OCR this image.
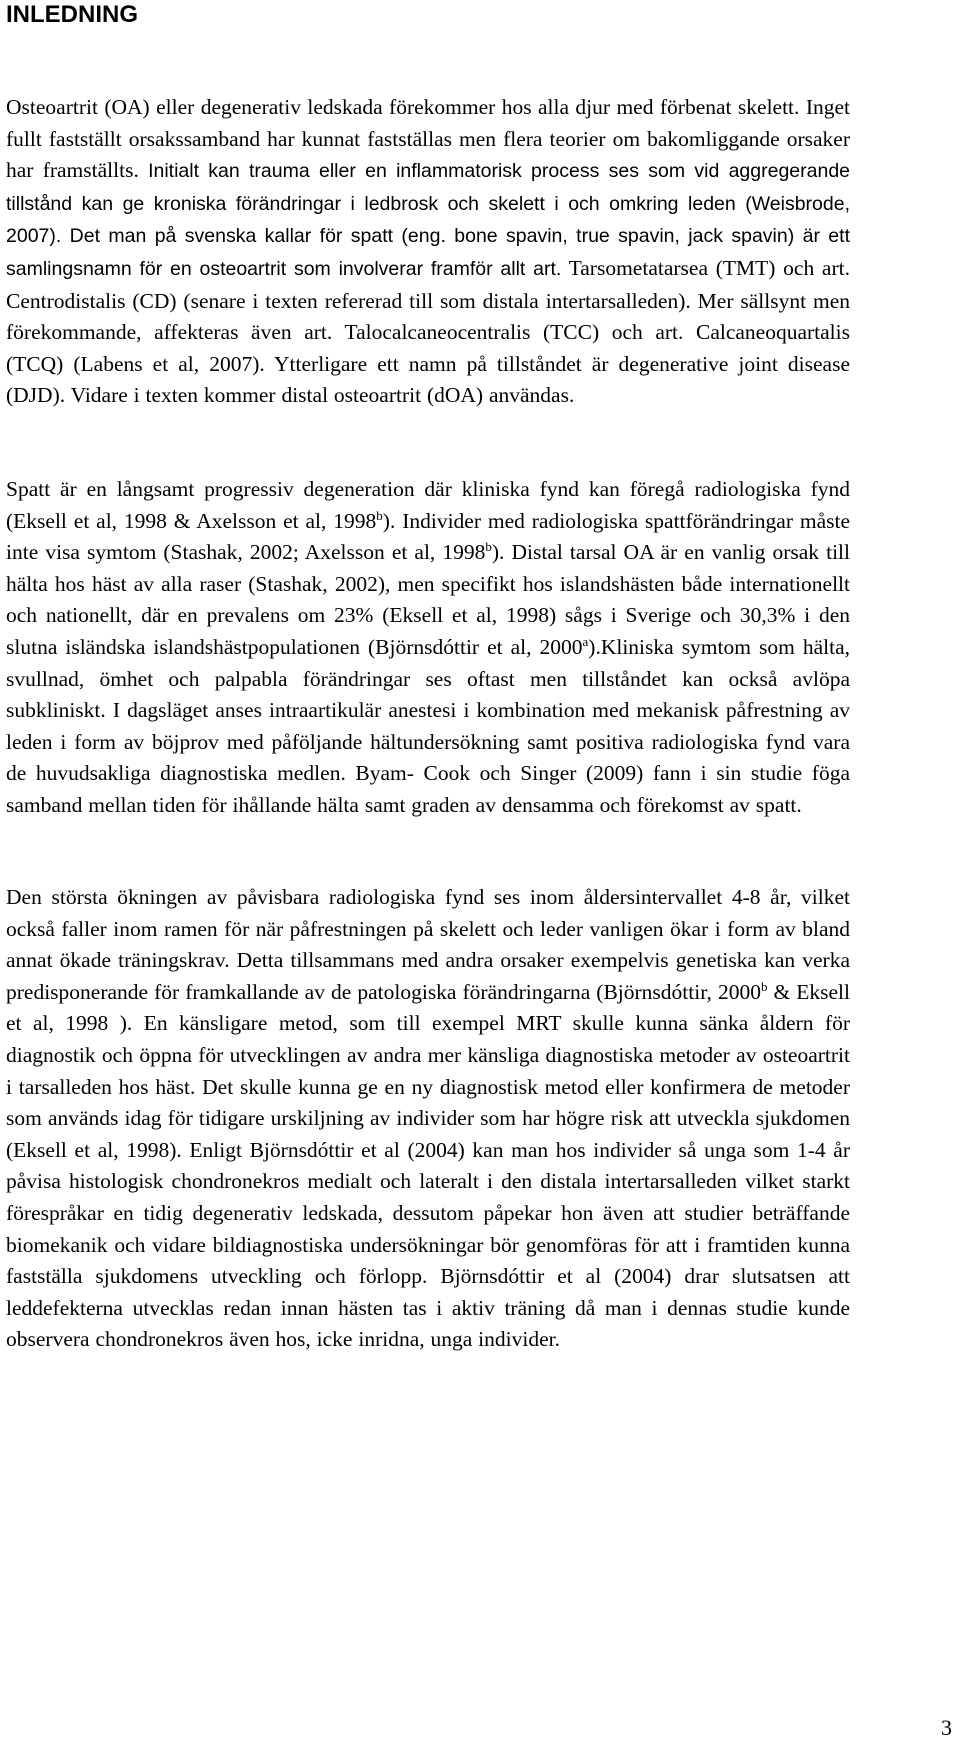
INLEDNING

Osteoartrit (OA) eller degenerativ ledskada förekommer hos alla djur med förbenat skelett. Inget fullt fastställt orsakssamband har kunnat fastställas men flera teorier om bakomliggande orsaker har framställts. Initialt kan trauma eller en inflammatorisk process ses som vid aggregerande tillstånd kan ge kroniska förändringar i ledbrosk och skelett i och omkring leden (Weisbrode, 2007). Det man på svenska kallar för spatt (eng. bone spavin, true spavin, jack spavin) är ett samlingsnamn för en osteoartrit som involverar framför allt art. Tarsometatarsea (TMT) och art. Centrodistalis (CD) (senare i texten refererad till som distala intertarsalleden). Mer sällsynt men förekommande, affekteras även art. Talocalcaneocentralis (TCC) och art. Calcaneoquartalis (TCQ) (Labens et al, 2007). Ytterligare ett namn på tillståndet är degenerative joint disease (DJD). Vidare i texten kommer distal osteoartrit (dOA) användas.

Spatt är en långsamt progressiv degeneration där kliniska fynd kan föregå radiologiska fynd (Eksell et al, 1998 & Axelsson et al, 1998$^b$). Individer med radiologiska spattförändringar måste inte visa symtom (Stashak, 2002; Axelsson et al, 1998$^b$). Distal tarsal OA är en vanlig orsak till hälta hos häst av alla raser (Stashak, 2002), men specifikt hos islandshästen både internationellt och nationellt, där en prevalens om 23% (Eksell et al, 1998) sågs i Sverige och 30,3% i den slutna isländska islandshästpopulationen (Björnsdóttir et al, 2000$^a$).Kliniska symtom som hälta, svullnad, ömhet och palpabla förändringar ses oftast men tillståndet kan också avlöpa subkliniskt. I dagsläget anses intraartikulär anestesi i kombination med mekanisk påfrestning av leden i form av böjprov med påföljande hältundersökning samt positiva radiologiska fynd vara de huvudsakliga diagnostiska medlen. Byam- Cook och Singer (2009) fann i sin studie föga samband mellan tiden för ihållande hälta samt graden av densamma och förekomst av spatt.

Den största ökningen av påvisbara radiologiska fynd ses inom åldersintervallet 4-8 år, vilket också faller inom ramen för när påfrestningen på skelett och leder vanligen ökar i form av bland annat ökade träningskrav. Detta tillsammans med andra orsaker exempelvis genetiska kan verka predisponerande för framkallande av de patologiska förändringarna (Björnsdóttir, 2000$^b$ & Eksell et al, 1998 ). En känsligare metod, som till exempel MRT skulle kunna sänka åldern för diagnostik och öppna för utvecklingen av andra mer känsliga diagnostiska metoder av osteoartrit i tarsalleden hos häst. Det skulle kunna ge en ny diagnostisk metod eller konfirmera de metoder som används idag för tidigare urskiljning av individer som har högre risk att utveckla sjukdomen (Eksell et al, 1998). Enligt Björnsdóttir et al (2004) kan man hos individer så unga som 1-4 år påvisa histologisk chondronekros medialt och lateralt i den distala intertarsalleden vilket starkt förespråkar en tidig degenerativ ledskada, dessutom påpekar hon även att studier beträffande biomekanik och vidare bildiagnostiska undersökningar bör genomföras för att i framtiden kunna fastställa sjukdomens utveckling och förlopp. Björnsdóttir et al (2004) drar slutsatsen att leddefekterna utvecklas redan innan hästen tas i aktiv träning då man i dennas studie kunde observera chondronekros även hos, icke inridna, unga individer.

3
